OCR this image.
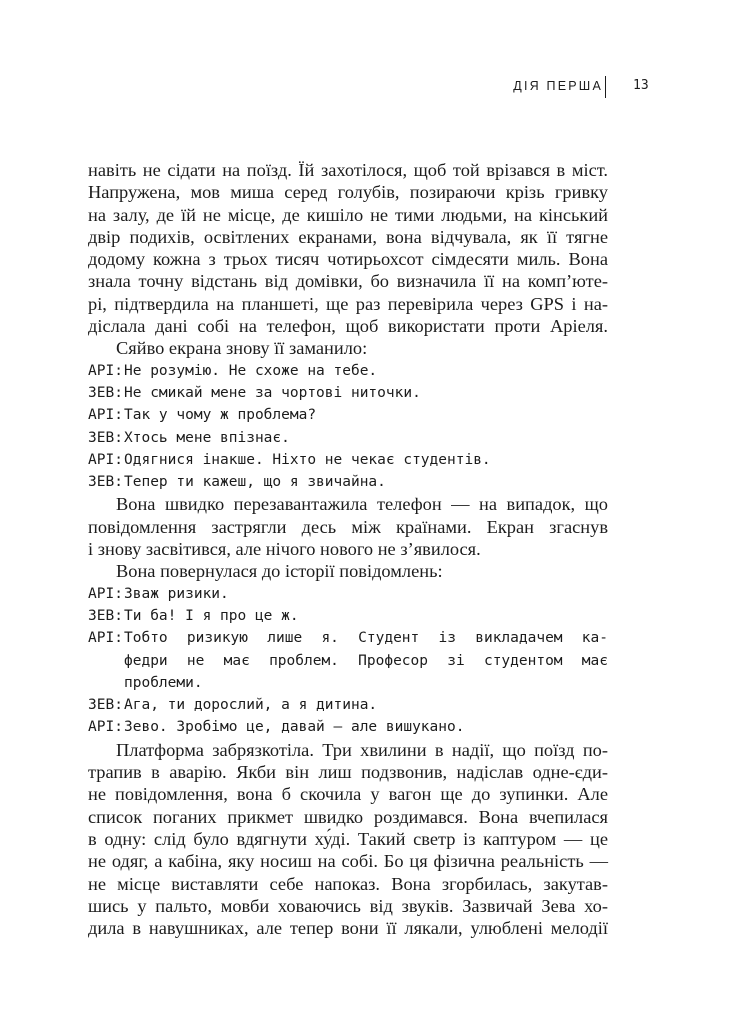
ДІЯ ПЕРША 13
навіть не сідати на поїзд. Їй захотілося, щоб той врізався в міст.
Напружена, мов миша серед голубів, позираючи крізь гривку
на залу, де їй не місце, де кишіло не тими людьми, на кінський
двір подихів, освітлених екранами, вона відчувала, як її тягне
додому кожна з трьох тисяч чотирьохсот сімдесяти миль. Вона
знала точну відстань від домівки, бо визначила її на комп’юте-
рі, підтвердила на планшеті, ще раз перевірила через GPS і на-
діслала дані собі на телефон, щоб використати проти Аріеля.
Сяйво екрана знову її заманило:
АРІ:Не розумію. Не схоже на тебе.
ЗЕВ:Не смикай мене за чортові ниточки.
АРІ:Так у чому ж проблема?
ЗЕВ:Хтось мене впізнає.
АРІ:Одягнися інакше. Ніхто не чекає студентів.
ЗЕВ:Тепер ти кажеш, що я звичайна.
Вона швидко перезавантажила телефон — на випадок, що
повідомлення застрягли десь між країнами. Екран згаснув
і знову засвітився, але нічого нового не з’явилося.
Вона повернулася до історії повідомлень:
АРІ:Зваж ризики.
ЗЕВ:Ти ба! І я про це ж.
АРІ:Тобто ризикую лише я. Студент із викладачем ка-
федри не має проблем. Професор зі студентом має
проблеми.
ЗЕВ:Ага, ти дорослий, а я дитина.
АРІ:Зево. Зробімо це, давай — але вишукано.
Платформа забрязкотіла. Три хвилини в надії, що поїзд по-
трапив в аварію. Якби він лиш подзвонив, надіслав одне-єди-
не повідомлення, вона б скочила у вагон ще до зупинки. Але
список поганих прикмет швидко роздимався. Вона вчепилася
в одну: слід було вдягнути ху́ді. Такий светр із каптуром — це
не одяг, а кабіна, яку носиш на собі. Бо ця фізична реальність —
не місце виставляти себе напоказ. Вона згорбилась, закутав-
шись у пальто, мовби ховаючись від звуків. Зазвичай Зева хо-
дила в навушниках, але тепер вони її лякали, улюблені мелодії
